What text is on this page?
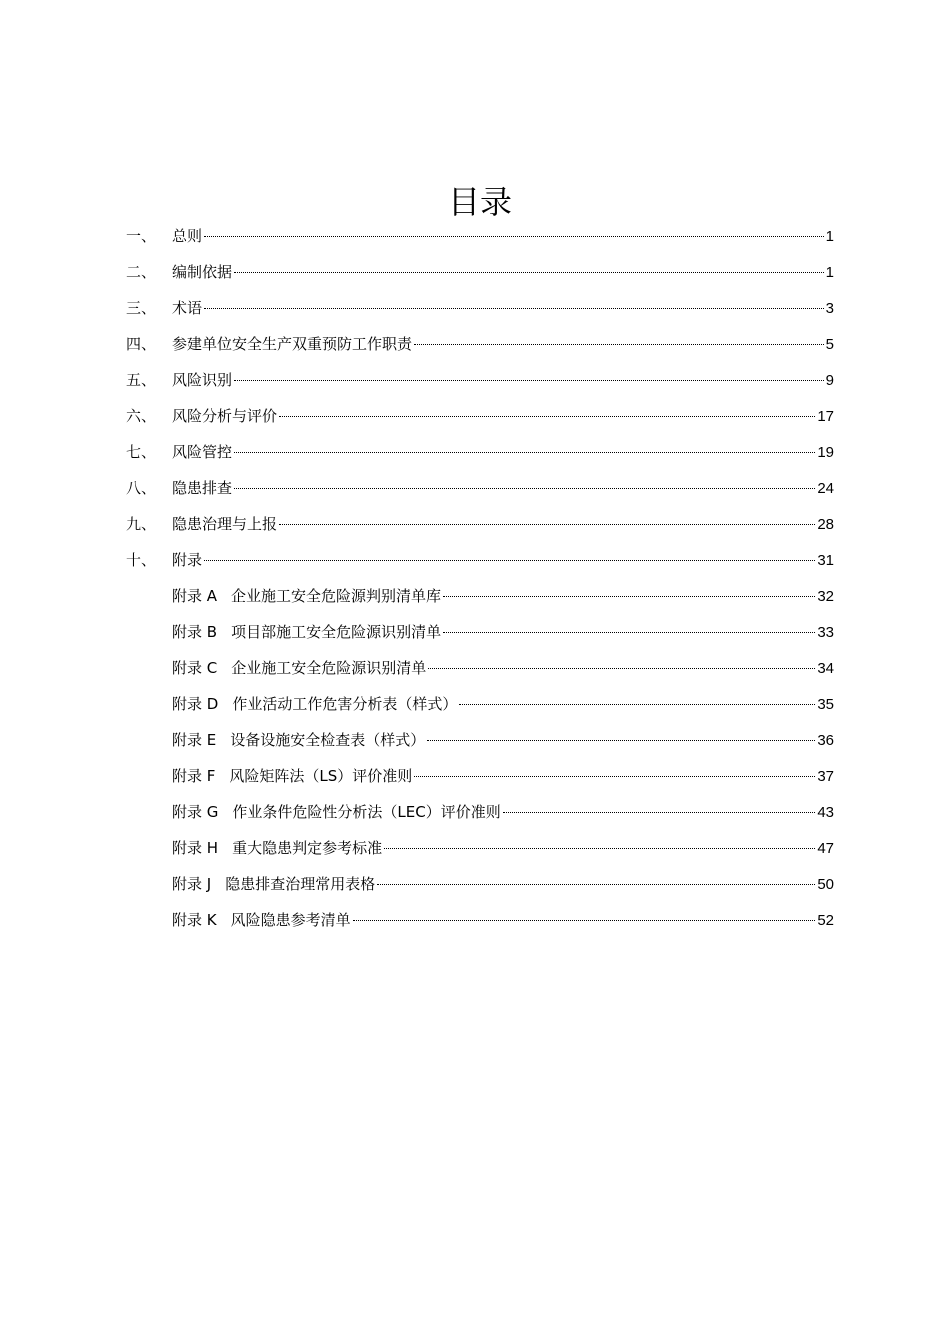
目录
一、	总则	1
二、	编制依据	1
三、	术语	3
四、	参建单位安全生产双重预防工作职责	5
五、	风险识别	9
六、	风险分析与评价	17
七、	风险管控	19
八、	隐患排查	24
九、	隐患治理与上报	28
十、	附录	31
附录 A 企业施工安全危险源判别清单库	32
附录 B 项目部施工安全危险源识别清单	33
附录 C 企业施工安全危险源识别清单	34
附录 D 作业活动工作危害分析表（样式）	35
附录 E 设备设施安全检查表（样式）	36
附录 F 风险矩阵法（LS）评价准则	37
附录 G 作业条件危险性分析法（LEC）评价准则	43
附录 H 重大隐患判定参考标准	47
附录 J 隐患排查治理常用表格	50
附录 K 风险隐患参考清单	52
